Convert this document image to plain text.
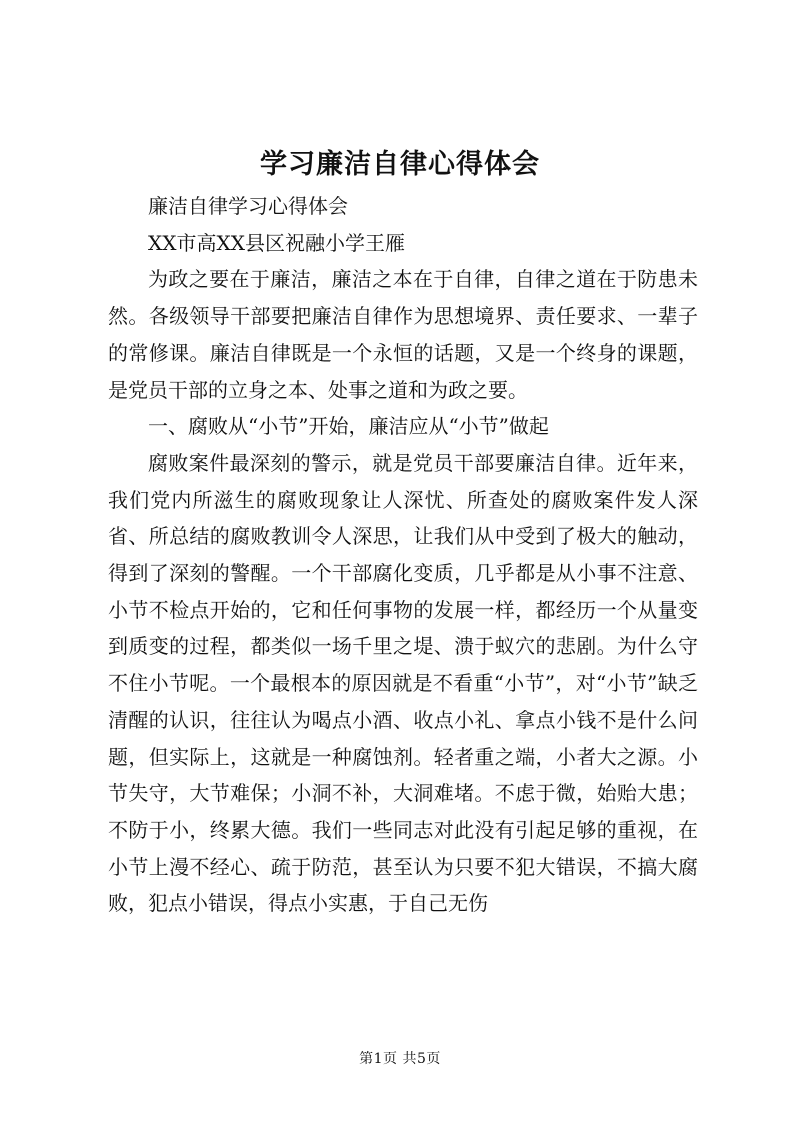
学习廉洁自律心得体会

廉洁自律学习心得体会

XX市高XX县区祝融小学王雁

为政之要在于廉洁，廉洁之本在于自律，自律之道在于防患未然。各级领导干部要把廉洁自律作为思想境界、责任要求、一辈子的常修课。廉洁自律既是一个永恒的话题，又是一个终身的课题，是党员干部的立身之本、处事之道和为政之要。

一、腐败从“小节”开始，廉洁应从“小节”做起

腐败案件最深刻的警示，就是党员干部要廉洁自律。近年来，我们党内所滋生的腐败现象让人深忧、所查处的腐败案件发人深省、所总结的腐败教训令人深思，让我们从中受到了极大的触动，得到了深刻的警醒。一个干部腐化变质，几乎都是从小事不注意、小节不检点开始的，它和任何事物的发展一样，都经历一个从量变到质变的过程，都类似一场千里之堤、溃于蚁穴的悲剧。为什么守不住小节呢。一个最根本的原因就是不看重“小节”，对“小节”缺乏清醒的认识，往往认为喝点小酒、收点小礼、拿点小钱不是什么问题，但实际上，这就是一种腐蚀剂。轻者重之端，小者大之源。小节失守，大节难保；小洞不补，大洞难堵。不虑于微，始贻大患；不防于小，终累大德。我们一些同志对此没有引起足够的重视，在小节上漫不经心、疏于防范，甚至认为只要不犯大错误，不搞大腐败，犯点小错误，得点小实惠，于自己无伤

第1页 共5页
